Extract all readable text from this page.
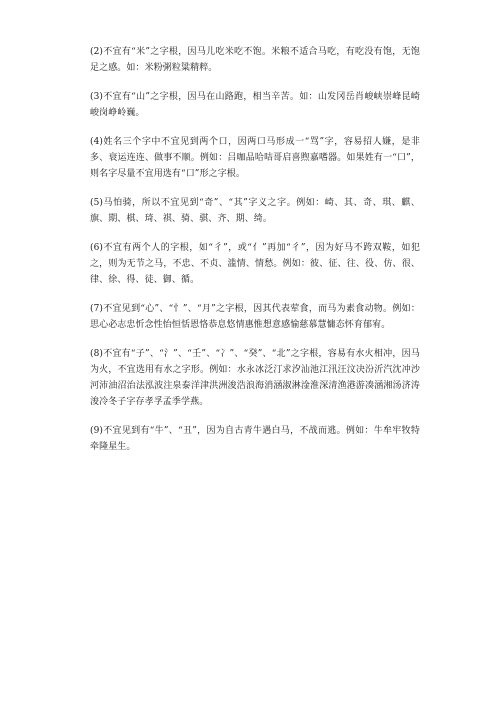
(2)不宜有“米”之字根，因马儿吃米吃不饱。米粮不适合马吃，有吃没有饱，无饱足之感。如：米粉粥粒粱精粹。

(3)不宜有“山”之字根，因马在山路跑，相当辛苦。如：山发冈岳肖峻峡崇峰昆崎峻岗峥岭巍。

(4)姓名三个字中不宜见到两个口，因两口马形成一“骂”字，容易招人嫌，是非多、衰运连连、做事不顺。例如：吕咖品哈咭哥启喜煦嘉嗜器。如果姓有一“口”，则名字尽量不宜用选有“口”形之字根。

(5)马怕骑，所以不宜见到“奇”、“其”字义之字。例如：崎、其、奇、琪、麒、旗、期、棋、琦、祺、骑、骐、齐、期、绮。

(6)不宜有两个人的字根，如“彳”，或“亻”再加“彳”，因为好马不跨双鞍，如犯之，则为无节之马，不忠、不贞、滥情、情愁。例如：彼、征、往、役、仿、很、律、徐、得、徒、御、循。

(7)不宜见到“心”、“忄”、“月”之字根，因其代表荤食，而马为素食动物。例如：思心必志忠忻念性怡恒恬恩恪恭息悠情惠惟想意感愉慈慕慧慵态怀育郁宥。

(8)不宜有“子”、“氵”、“壬”、“冫”、“癸”、“北”之字根，容易有水火相冲，因马为火，不宜选用有水之字形。例如：水永冰泛汀求汐汕池江汛汪汶决汾沂汽沈冲沙河沛油沼治法泓波注泉泰洋津洪洲浚浩浪海消涵淑淋淦淮深清渔港游凑涵湘汤济涛浚冷冬子字存孝孚孟季学燕。

(9)不宜见到有“牛”、“丑”，因为自古青牛遇白马，不战而逃。例如：牛牟牢牧特牵隆星生。
